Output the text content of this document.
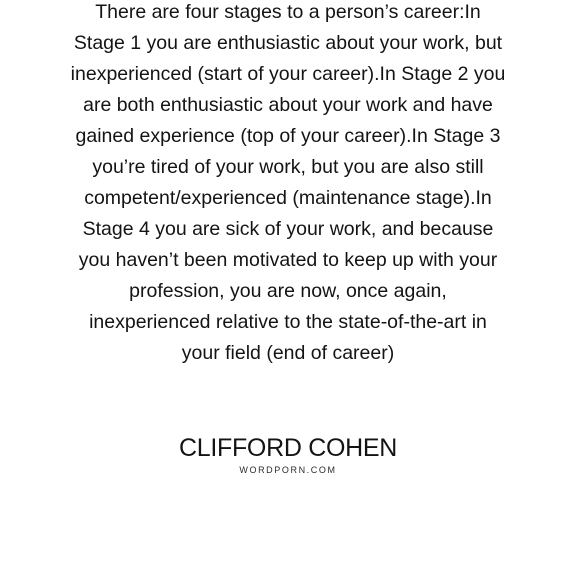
There are four stages to a person’s career:In
Stage 1 you are enthusiastic about your work, but
inexperienced (start of your career).In Stage 2 you
are both enthusiastic about your work and have
gained experience (top of your career).In Stage 3
you’re tired of your work, but you are also still
competent/experienced (maintenance stage).In
Stage 4 you are sick of your work, and because
you haven’t been motivated to keep up with your
profession, you are now, once again,
inexperienced relative to the state-of-the-art in
your field (end of career)

CLIFFORD COHEN
WORDPORN.COM
